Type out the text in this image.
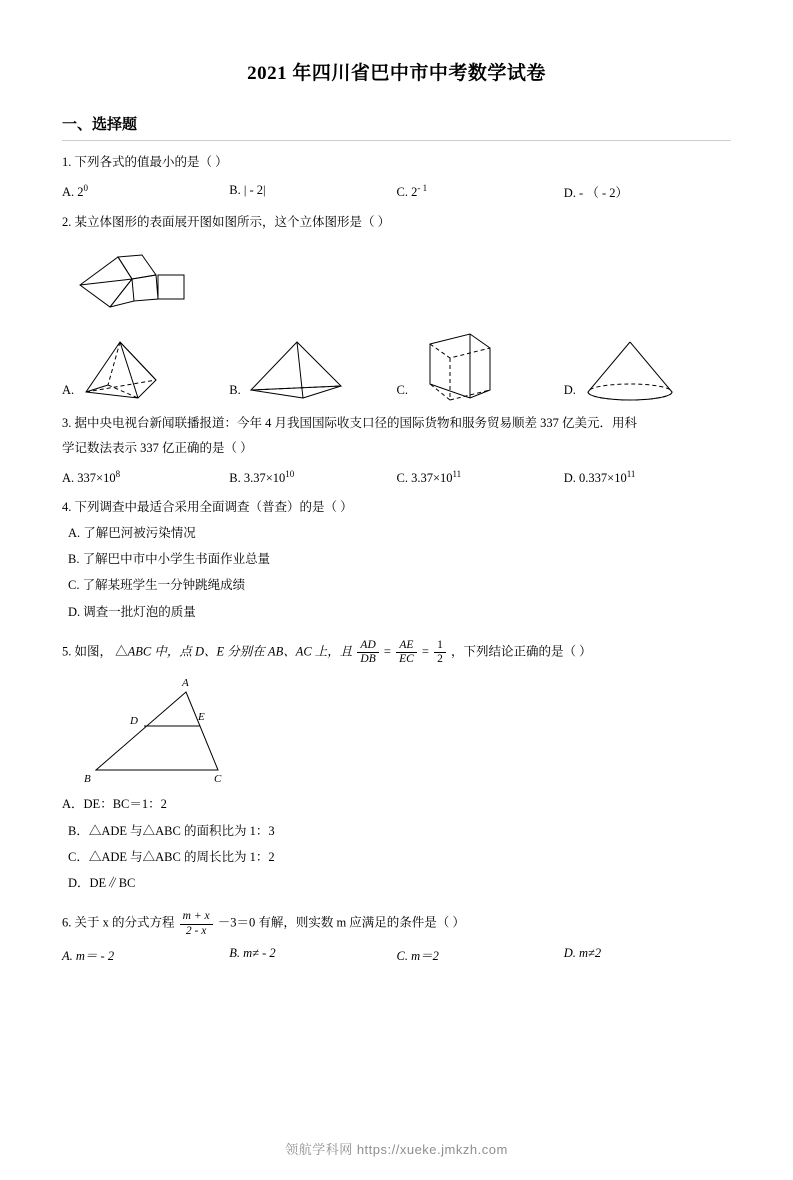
2021 年四川省巴中市中考数学试卷
一、选择题
1. 下列各式的值最小的是（ ）
A. $2^0$	B. | - 2|	C. $2^{- 1}$	D. - （ - 2）
2. 某立体图形的表面展开图如图所示，这个立体图形是（ ）
A.	B.	C.	D.
3. 据中央电视台新闻联播报道：今年 4 月我国国际收支口径的国际货物和服务贸易顺差 337 亿美元．用科
学记数法表示 337 亿正确的是（ ）
A. $337\times 10^8$	B. $3.37\times 10^{10}$	C. $3.37\times 10^{11}$	D. $0.337\times 10^{11}$
4. 下列调查中最适合采用全面调查（普查）的是（ ）
A. 了解巴河被污染情况
B. 了解巴中市中小学生书面作业总量
C. 了解某班学生一分钟跳绳成绩
D. 调查一批灯泡的质量
5. 如图， △ABC 中，点 D、E 分别在 AB、AC 上，且 $\frac{AD}{DB} = \frac{AE}{EC} = \frac{1}{2}$ ，下列结论正确的是（ ）
A
D	E
B	C
A．DE：BC＝1：2
B．△ADE 与△ABC 的面积比为 1：3
C．△ADE 与△ABC 的周长比为 1：2
D．DE∥BC
6. 关于 x 的分式方程 $\frac{m + x}{2 - x} -3=0$ 有解，则实数 m 应满足的条件是（ ）
A. m＝ - 2	B. m≠ - 2	C. m＝2	D. m≠2
领航学科网 https://xueke.jmkzh.com
